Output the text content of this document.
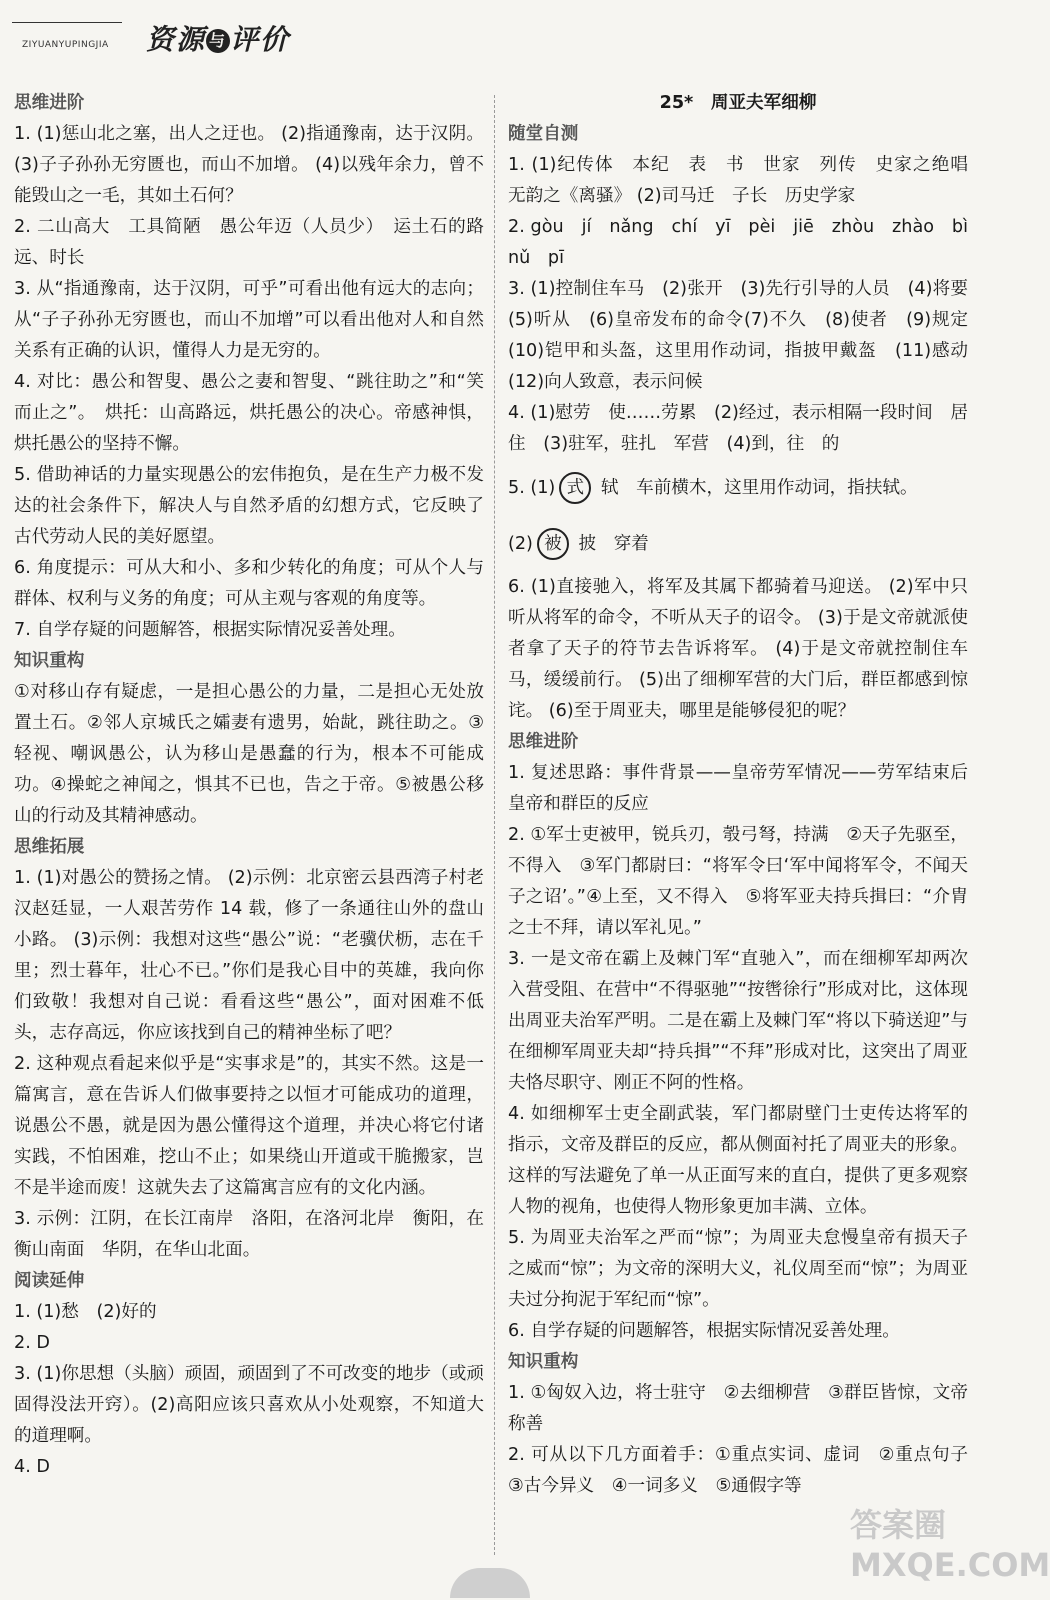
ZIYUANYUPINGJIA 资源 与 评价

思维进阶

1. (1)惩山北之塞，出人之迂也。 (2)指通豫南，达于汉阴。 (3)子子孙孙无穷匮也，而山不加增。 (4)以残年余力，曾不能毁山之一毛，其如土石何？

2. 二山高大　工具简陋　愚公年迈（人员少）　运土石的路远、时长

3. 从“指通豫南，达于汉阴，可乎”可看出他有远大的志向；从“子子孙孙无穷匮也，而山不加增”可以看出他对人和自然关系有正确的认识，懂得人力是无穷的。

4. 对比：愚公和智叟、愚公之妻和智叟、“跳往助之”和“笑而止之”。　烘托：山高路远，烘托愚公的决心。帝感神惧，烘托愚公的坚持不懈。

5. 借助神话的力量实现愚公的宏伟抱负，是在生产力极不发达的社会条件下，解决人与自然矛盾的幻想方式，它反映了古代劳动人民的美好愿望。

6. 角度提示：可从大和小、多和少转化的角度；可从个人与群体、权利与义务的角度；可从主观与客观的角度等。

7. 自学存疑的问题解答，根据实际情况妥善处理。

知识重构

①对移山存有疑虑，一是担心愚公的力量，二是担心无处放置土石。②邻人京城氏之孀妻有遗男，始龀，跳往助之。③轻视、嘲讽愚公，认为移山是愚蠢的行为，根本不可能成功。④操蛇之神闻之，惧其不已也，告之于帝。⑤被愚公移山的行动及其精神感动。

思维拓展

1. (1)对愚公的赞扬之情。 (2)示例：北京密云县西湾子村老汉赵廷显，一人艰苦劳作 14 载，修了一条通往山外的盘山小路。 (3)示例：我想对这些“愚公”说：“老骥伏枥，志在千里；烈士暮年，壮心不已。”你们是我心目中的英雄，我向你们致敬！我想对自己说：看看这些“愚公”，面对困难不低头，志存高远，你应该找到自己的精神坐标了吧？

2. 这种观点看起来似乎是“实事求是”的，其实不然。这是一篇寓言，意在告诉人们做事要持之以恒才可能成功的道理，说愚公不愚，就是因为愚公懂得这个道理，并决心将它付诸实践，不怕困难，挖山不止；如果绕山开道或干脆搬家，岂不是半途而废！这就失去了这篇寓言应有的文化内涵。

3. 示例：江阴，在长江南岸　洛阳，在洛河北岸　衡阳，在衡山南面　华阴，在华山北面。

阅读延伸

1. (1)愁　(2)好的

2. D

3. (1)你思想（头脑）顽固，顽固到了不可改变的地步（或顽固得没法开窍）。(2)高阳应该只喜欢从小处观察，不知道大的道理啊。

4. D

25*　周亚夫军细柳

随堂自测

1. (1)纪传体　本纪　表　书　世家　列传　史家之绝唱　无韵之《离骚》 (2)司马迁　子长　历史学家

2. gòu　jí　nǎng　chí　yī　pèi　jiē　zhòu　zhào　bì　nǔ　pī

3. (1)控制住车马　(2)张开　(3)先行引导的人员　(4)将要　(5)听从　(6)皇帝发布的命令(7)不久　(8)使者　(9)规定　(10)铠甲和头盔，这里用作动词，指披甲戴盔　(11)感动　(12)向人致意，表示问候

4. (1)慰劳　使……劳累　(2)经过，表示相隔一段时间　居住　(3)驻军，驻扎　军营　(4)到，往　的

5. (1) 式 轼　车前横木，这里用作动词，指扶轼。

(2) 被 披　穿着

6. (1)直接驰入，将军及其属下都骑着马迎送。 (2)军中只听从将军的命令，不听从天子的诏令。 (3)于是文帝就派使者拿了天子的符节去告诉将军。 (4)于是文帝就控制住车马，缓缓前行。 (5)出了细柳军营的大门后，群臣都感到惊诧。 (6)至于周亚夫，哪里是能够侵犯的呢？

思维进阶

1. 复述思路：事件背景——皇帝劳军情况——劳军结束后皇帝和群臣的反应

2. ①军士吏被甲，锐兵刃，彀弓弩，持满　②天子先驱至，不得入　③军门都尉曰：“将军令曰‘军中闻将军令，不闻天子之诏’。”④上至，又不得入　⑤将军亚夫持兵揖曰：“介胄之士不拜，请以军礼见。”

3. 一是文帝在霸上及棘门军“直驰入”，而在细柳军却两次入营受阻、在营中“不得驱驰”“按辔徐行”形成对比，这体现出周亚夫治军严明。二是在霸上及棘门军“将以下骑送迎”与在细柳军周亚夫却“持兵揖”“不拜”形成对比，这突出了周亚夫恪尽职守、刚正不阿的性格。

4. 如细柳军士吏全副武装，军门都尉壁门士吏传达将军的指示，文帝及群臣的反应，都从侧面衬托了周亚夫的形象。这样的写法避免了单一从正面写来的直白，提供了更多观察人物的视角，也使得人物形象更加丰满、立体。

5. 为周亚夫治军之严而“惊”；为周亚夫怠慢皇帝有损天子之威而“惊”；为文帝的深明大义，礼仪周至而“惊”；为周亚夫过分拘泥于军纪而“惊”。

6. 自学存疑的问题解答，根据实际情况妥善处理。

知识重构

1. ①匈奴入边，将士驻守　②去细柳营　③群臣皆惊，文帝称善

2. 可从以下几方面着手：①重点实词、虚词　②重点句子　③古今异义　④一词多义　⑤通假字等

答案圈 MXQE.COM
